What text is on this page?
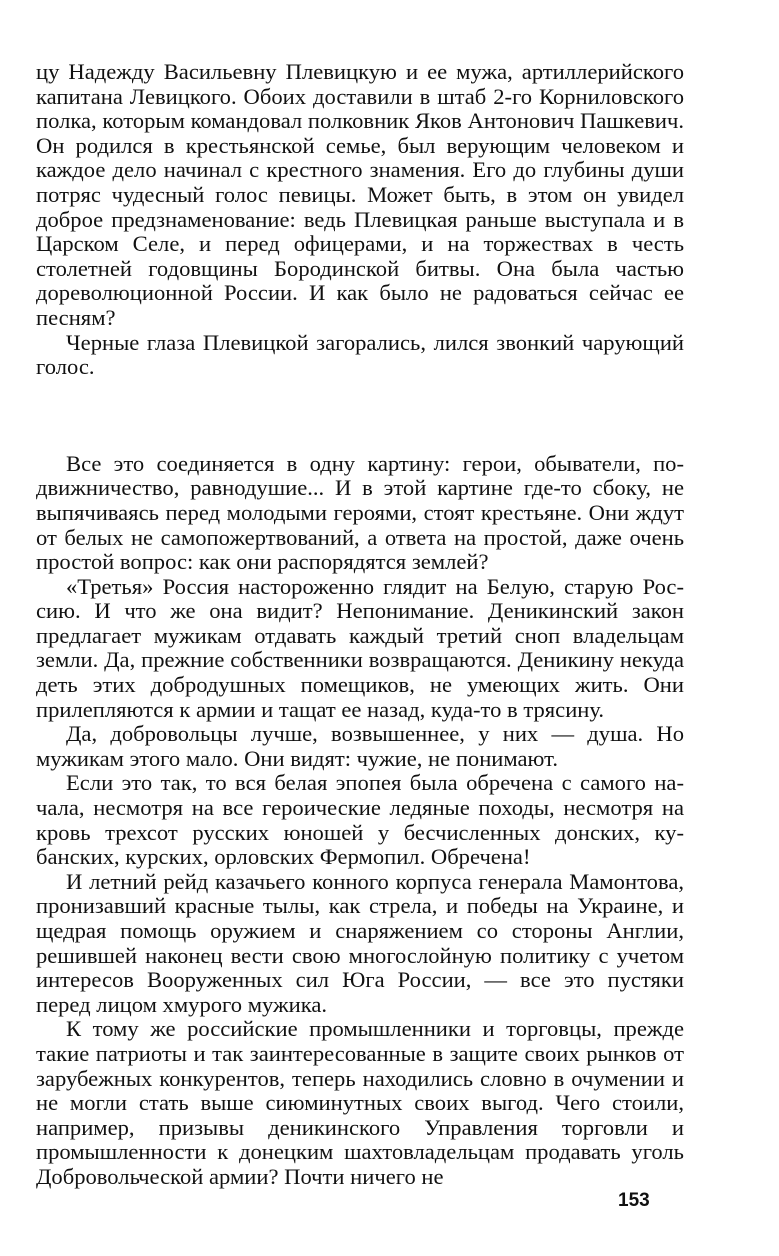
цу Надежду Васильевну Плевицкую и ее мужа, артиллерийского капитана Левицкого. Обоих доставили в штаб 2-го Корниловского полка, которым командовал полковник Яков Антонович Пашкевич. Он родился в крестьянской семье, был верующим человеком и каждое дело начинал с крестного знамения. Его до глубины души потряс чудесный голос певицы. Может быть, в этом он увидел доброе предзнаменование: ведь Плевицкая раньше выступала и в Царском Селе, и перед офицерами, и на торжествах в честь столетней годовщины Бородинской битвы. Она была частью дореволюционной России. И как было не радоваться сейчас ее песням?

Черные глаза Плевицкой загорались, лился звонкий чарующий голос.

Все это соединяется в одну картину: герои, обыватели, подвижничество, равнодушие... И в этой картине где-то сбоку, не выпячиваясь перед молодыми героями, стоят крестьяне. Они ждут от белых не самопожертвований, а ответа на простой, даже очень простой вопрос: как они распорядятся землей?

«Третья» Россия настороженно глядит на Белую, старую Россию. И что же она видит? Непонимание. Деникинский закон предлагает мужикам отдавать каждый третий сноп владельцам земли. Да, прежние собственники возвращаются. Деникину некуда деть этих добродушных помещиков, не умеющих жить. Они прилепляются к армии и тащат ее назад, куда-то в трясину.

Да, добровольцы лучше, возвышеннее, у них — душа. Но мужикам этого мало. Они видят: чужие, не понимают.

Если это так, то вся белая эпопея была обречена с самого начала, несмотря на все героические ледяные походы, несмотря на кровь трехсот русских юношей у бесчисленных донских, кубанских, курских, орловских Фермопил. Обречена!

И летний рейд казачьего конного корпуса генерала Мамонтова, пронизавший красные тылы, как стрела, и победы на Украине, и щедрая помощь оружием и снаряжением со стороны Англии, решившей наконец вести свою многослойную политику с учетом интересов Вооруженных сил Юга России, — все это пустяки перед лицом хмурого мужика.

К тому же российские промышленники и торговцы, прежде такие патриоты и так заинтересованные в защите своих рынков от зарубежных конкурентов, теперь находились словно в очумении и не могли стать выше сиюминутных своих выгод. Чего стоили, например, призывы деникинского Управления торговли и промышленности к донецким шахтовладельцам продавать уголь Добровольческой армии? Почти ничего не

153
